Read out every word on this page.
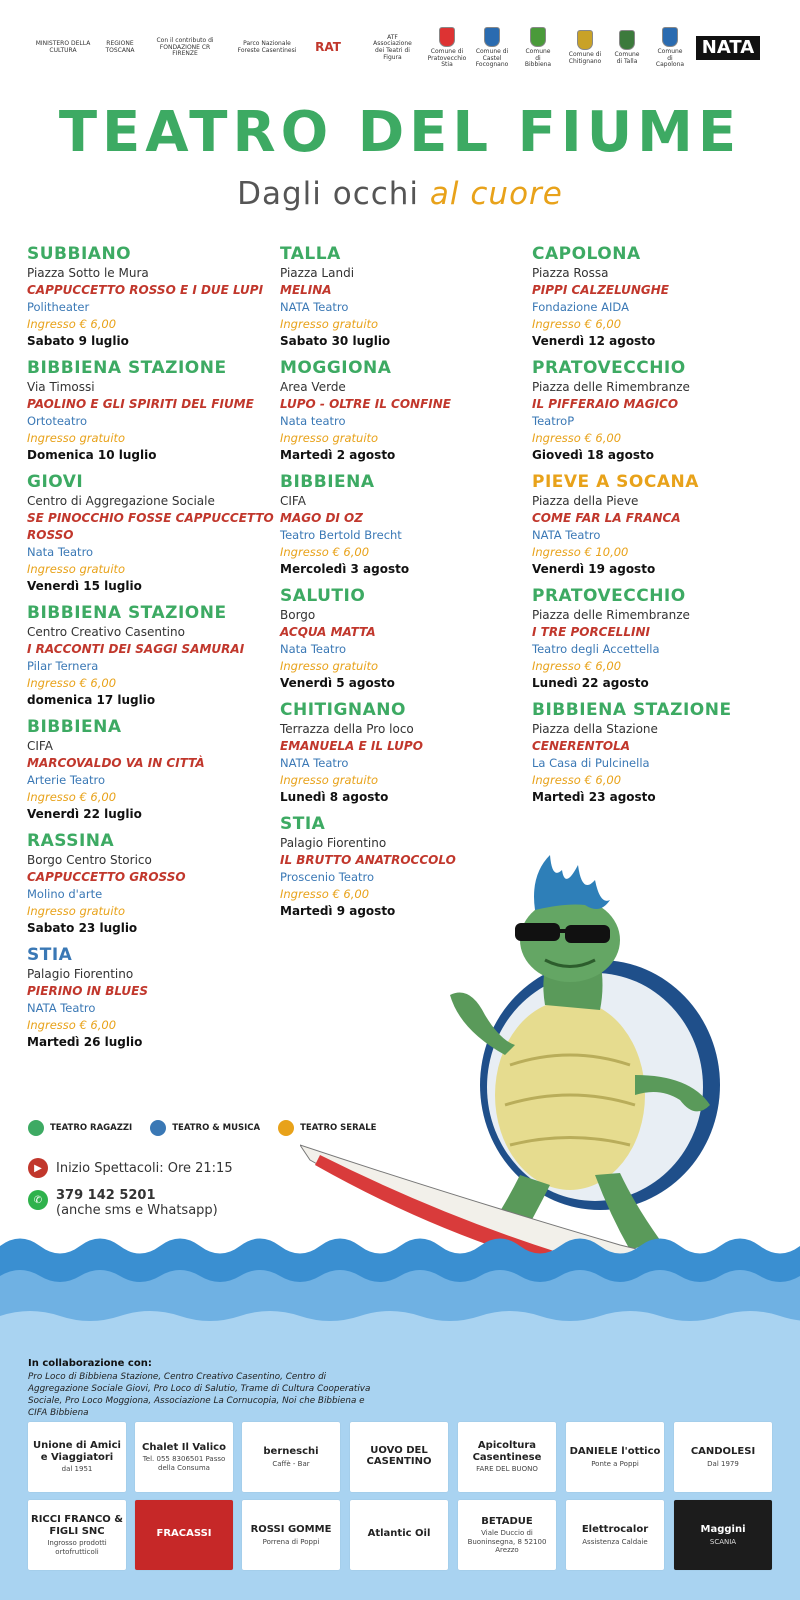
MINISTERO DELLA CULTURA
REGIONE TOSCANA
Con il contributo di FONDAZIONE CR FIRENZE
Parco Nazionale Foreste Casentinesi	RAT
ATF Associazione dei Teatri di Figura
Comune di Pratovecchio Stia
Comune di Castel Focognano
Comune di Bibbiena
Comune di Chitignano
Comune di Talla
Comune di Capolona
NATA
TEATRO DEL FIUME
Dagli occhi al cuore
SUBBIANO
Piazza Sotto le Mura
CAPPUCCETTO ROSSO E I DUE LUPI
Politheater
Ingresso € 6,00
Sabato 9 luglio
BIBBIENA STAZIONE
Via Timossi
PAOLINO E GLI SPIRITI DEL FIUME
Ortoteatro
Ingresso gratuito
Domenica 10 luglio
GIOVI
Centro di Aggregazione Sociale
SE PINOCCHIO FOSSE CAPPUCCETTO ROSSO
Nata Teatro
Ingresso gratuito
Venerdì 15 luglio
BIBBIENA STAZIONE
Centro Creativo Casentino
I RACCONTI DEI SAGGI SAMURAI
Pilar Ternera
Ingresso € 6,00
domenica 17 luglio
BIBBIENA
CIFA
MARCOVALDO VA IN CITTÀ
Arterie Teatro
Ingresso € 6,00
Venerdì 22 luglio
RASSINA
Borgo Centro Storico
CAPPUCCETTO GROSSO
Molino d'arte
Ingresso gratuito
Sabato 23 luglio
STIA
Palagio Fiorentino
PIERINO IN BLUES
NATA Teatro
Ingresso € 6,00
Martedì 26 luglio
TALLA
Piazza Landi
MELINA
NATA Teatro
Ingresso gratuito
Sabato 30 luglio
MOGGIONA
Area Verde
LUPO - OLTRE IL CONFINE
Nata teatro
Ingresso gratuito
Martedì 2 agosto
BIBBIENA
CIFA
MAGO DI OZ
Teatro Bertold Brecht
Ingresso € 6,00
Mercoledì 3 agosto
SALUTIO
Borgo
ACQUA MATTA
Nata Teatro
Ingresso gratuito
Venerdì 5 agosto
CHITIGNANO
Terrazza della Pro loco
EMANUELA E IL LUPO
NATA Teatro
Ingresso gratuito
Lunedì 8 agosto
STIA
Palagio Fiorentino
IL BRUTTO ANATROCCOLO
Proscenio Teatro
Ingresso € 6,00
Martedì 9 agosto
CAPOLONA
Piazza Rossa
PIPPI CALZELUNGHE
Fondazione AIDA
Ingresso € 6,00
Venerdì 12 agosto
PRATOVECCHIO
Piazza delle Rimembranze
IL PIFFERAIO MAGICO
TeatroP
Ingresso € 6,00
Giovedì 18 agosto
PIEVE A SOCANA
Piazza della Pieve
COME FAR LA FRANCA
NATA Teatro
Ingresso € 10,00
Venerdì 19 agosto
PRATOVECCHIO
Piazza delle Rimembranze
I TRE PORCELLINI
Teatro degli Accettella
Ingresso € 6,00
Lunedì 22 agosto
BIBBIENA STAZIONE
Piazza della Stazione
CENERENTOLA
La Casa di Pulcinella
Ingresso € 6,00
Martedì 23 agosto
TEATRO RAGAZZI	TEATRO & MUSICA	TEATRO SERALE
▶	Inizio Spettacoli: Ore 21:15
✆	379 142 5201
(anche sms e Whatsapp)
In collaborazione con:
Pro Loco di Bibbiena Stazione, Centro Creativo Casentino, Centro di Aggregazione Sociale Giovi, Pro Loco di Salutio, Trame di Cultura Cooperativa Sociale, Pro Loco Moggiona, Associazione La Cornucopia, Noi che Bibbiena e CIFA Bibbiena
Unione di Amici e Viaggiatori
dal 1951
Chalet Il Valico
Tel. 055 8306501 Passo della Consuma
berneschi
Caffè - Bar
UOVO DEL CASENTINO
Apicoltura Casentinese
FARE DEL BUONO
DANIELE l'ottico
Ponte a Poppi
CANDOLESI
Dal 1979
RICCI FRANCO & FIGLI SNC
Ingrosso prodotti ortofrutticoli
FRACASSI	ROSSI GOMME
Porrena di Poppi
Atlantic Oil
BETADUE
Viale Duccio di Buoninsegna, 8 52100 Arezzo
Elettrocalor
Assistenza Caldaie
Maggini
SCANIA
